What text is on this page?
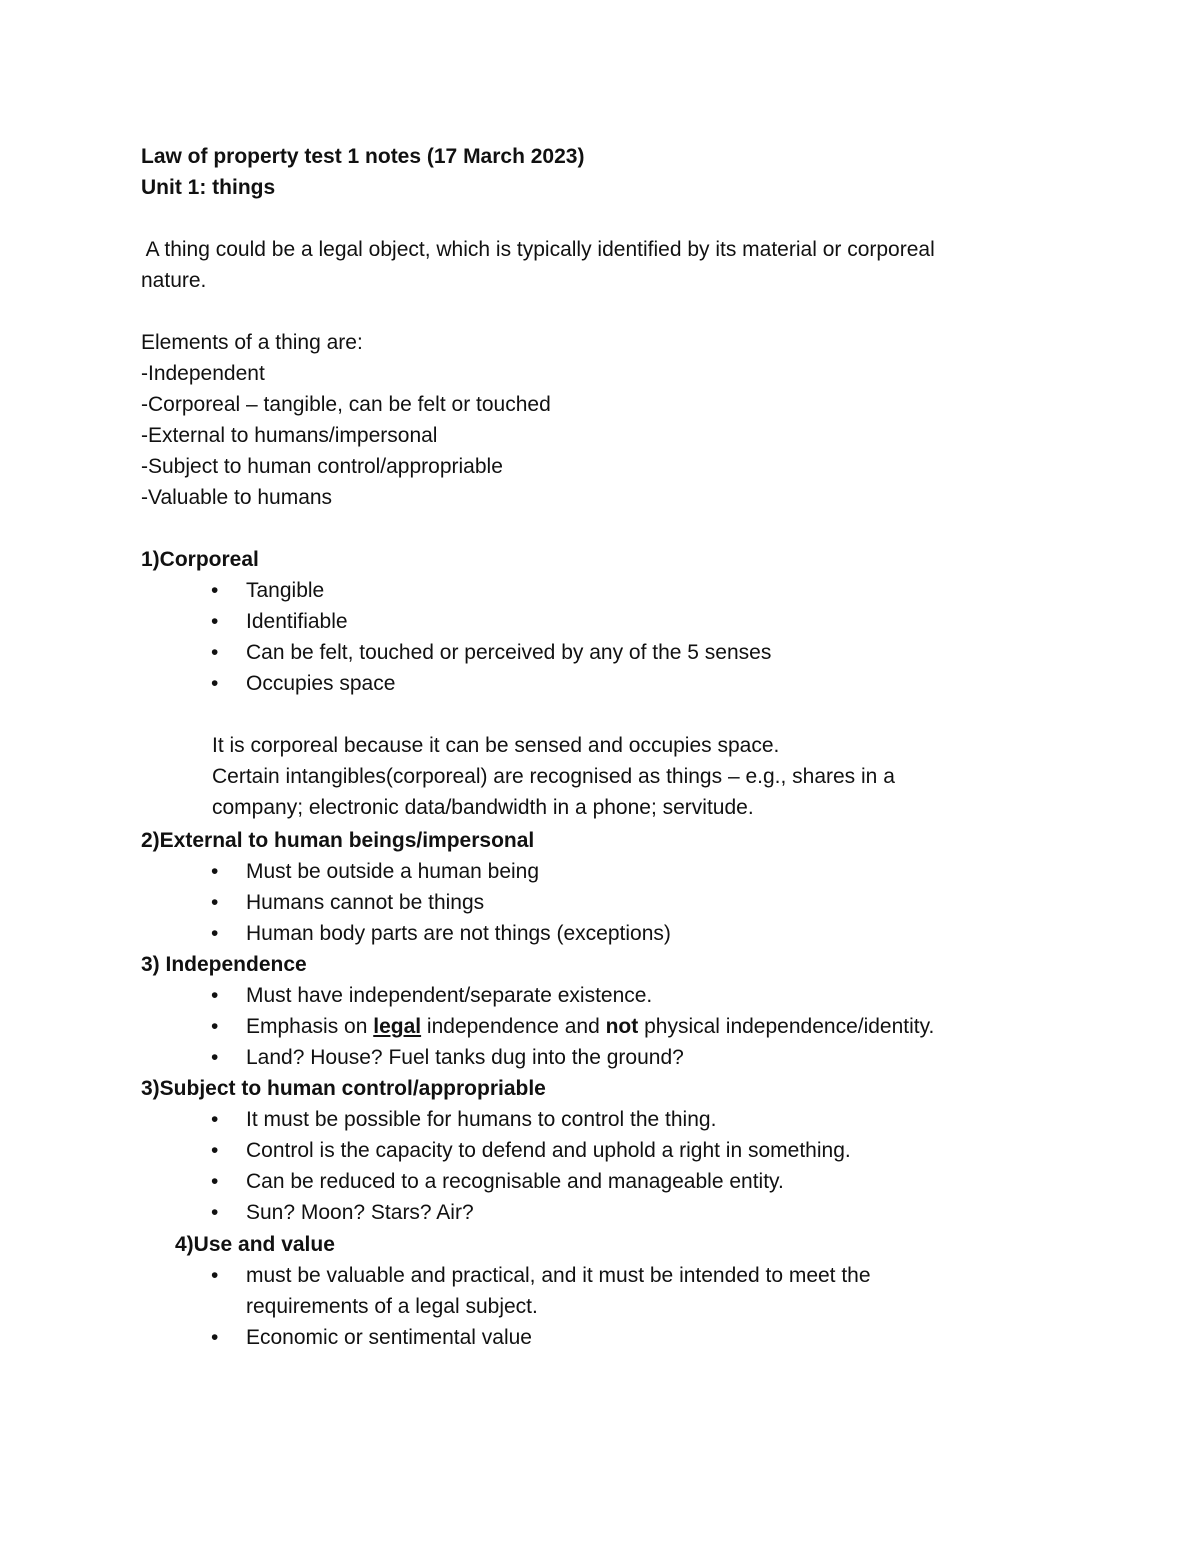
Law of property test 1 notes (17 March 2023)
Unit 1: things
A thing could be a legal object, which is typically identified by its material or corporeal
nature.
Elements of a thing are:
-Independent
-Corporeal – tangible, can be felt or touched
-External to humans/impersonal
-Subject to human control/appropriable
-Valuable to humans
1)Corporeal
•	Tangible
•	Identifiable
•	Can be felt, touched or perceived by any of the 5 senses
•	Occupies space
It is corporeal because it can be sensed and occupies space.
Certain intangibles(corporeal) are recognised as things – e.g., shares in a
company; electronic data/bandwidth in a phone; servitude.
2)External to human beings/impersonal
•	Must be outside a human being
•	Humans cannot be things
•	Human body parts are not things (exceptions)
3) Independence
•	Must have independent/separate existence.
•	Emphasis on legal independence and not physical independence/identity.
•	Land? House? Fuel tanks dug into the ground?
3)Subject to human control/appropriable
•	It must be possible for humans to control the thing.
•	Control is the capacity to defend and uphold a right in something.
•	Can be reduced to a recognisable and manageable entity.
•	Sun? Moon? Stars? Air?
4)Use and value
•	must be valuable and practical, and it must be intended to meet the
requirements of a legal subject.
•	Economic or sentimental value
